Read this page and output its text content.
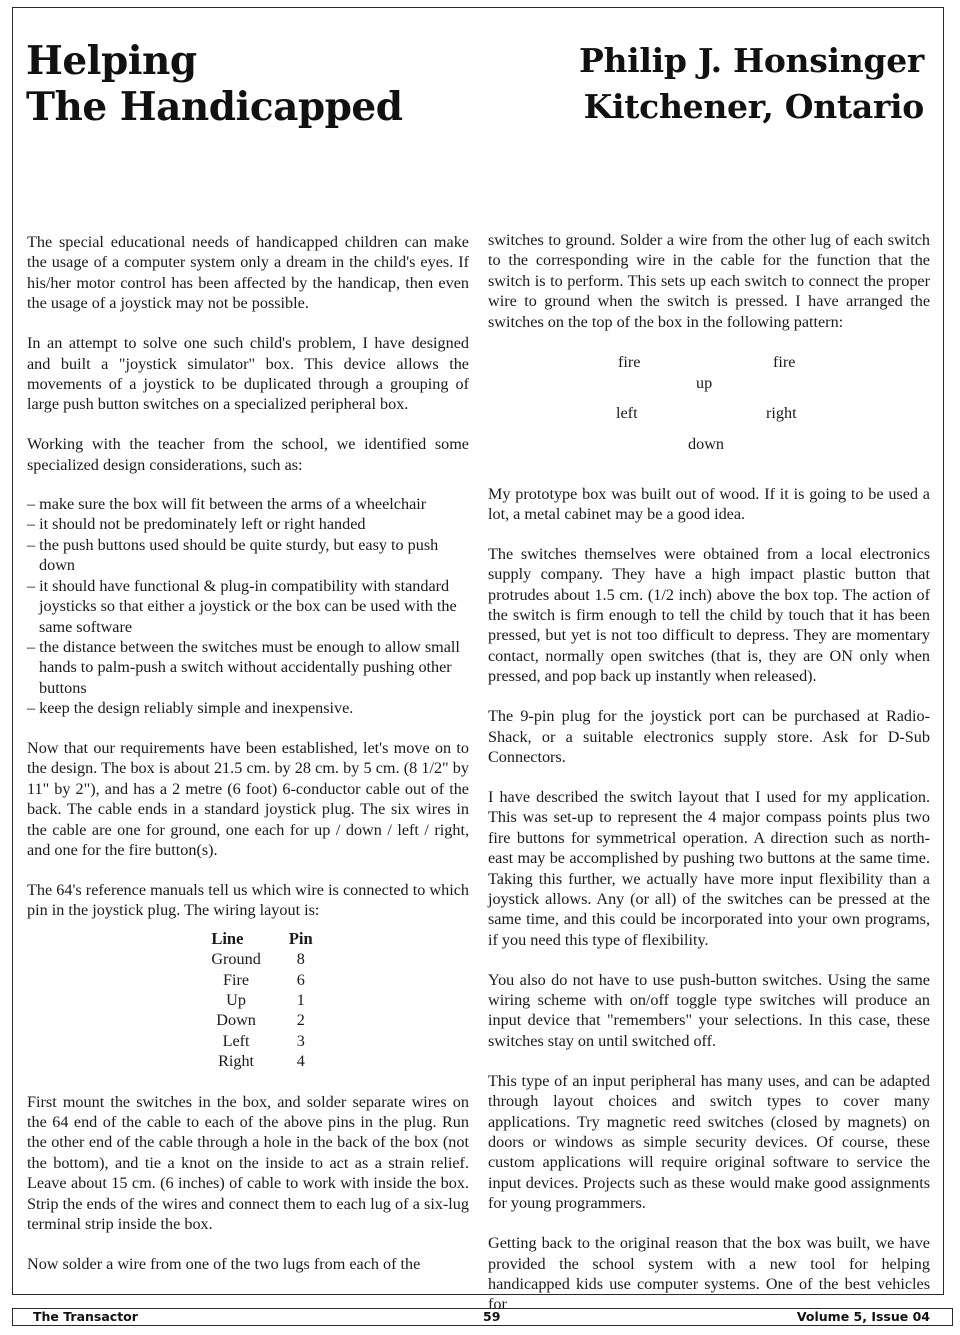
Helping
The Handicapped
Philip J. Honsinger
Kitchener, Ontario

The special educational needs of handicapped children can make the usage of a computer system only a dream in the child's eyes. If his/her motor control has been affected by the handicap, then even the usage of a joystick may not be possible.

In an attempt to solve one such child's problem, I have designed and built a "joystick simulator" box. This device allows the movements of a joystick to be duplicated through a grouping of large push button switches on a specialized peripheral box.

Working with the teacher from the school, we identified some specialized design considerations, such as:

– make sure the box will fit between the arms of a wheelchair
– it should not be predominately left or right handed
– the push buttons used should be quite sturdy, but easy to push down
– it should have functional & plug-in compatibility with standard joysticks so that either a joystick or the box can be used with the same software
– the distance between the switches must be enough to allow small hands to palm-push a switch without accidentally pushing other buttons
– keep the design reliably simple and inexpensive.

Now that our requirements have been established, let's move on to the design. The box is about 21.5 cm. by 28 cm. by 5 cm. (8 1/2" by 11" by 2"), and has a 2 metre (6 foot) 6-conductor cable out of the back. The cable ends in a standard joystick plug. The six wires in the cable are one for ground, one each for up / down / left / right, and one for the fire button(s).

The 64's reference manuals tell us which wire is connected to which pin in the joystick plug. The wiring layout is:

Line	Pin
Ground	8
Fire	6
Up	1
Down	2
Left	3
Right	4

First mount the switches in the box, and solder separate wires on the 64 end of the cable to each of the above pins in the plug. Run the other end of the cable through a hole in the back of the box (not the bottom), and tie a knot on the inside to act as a strain relief. Leave about 15 cm. (6 inches) of cable to work with inside the box. Strip the ends of the wires and connect them to each lug of a six-lug terminal strip inside the box.

Now solder a wire from one of the two lugs from each of the

switches to ground. Solder a wire from the other lug of each switch to the corresponding wire in the cable for the function that the switch is to perform. This sets up each switch to connect the proper wire to ground when the switch is pressed. I have arranged the switches on the top of the box in the following pattern:

fire	fire
up
left	right
down

My prototype box was built out of wood. If it is going to be used a lot, a metal cabinet may be a good idea.

The switches themselves were obtained from a local electronics supply company. They have a high impact plastic button that protrudes about 1.5 cm. (1/2 inch) above the box top. The action of the switch is firm enough to tell the child by touch that it has been pressed, but yet is not too difficult to depress. They are momentary contact, normally open switches (that is, they are ON only when pressed, and pop back up instantly when released).

The 9-pin plug for the joystick port can be purchased at Radio-Shack, or a suitable electronics supply store. Ask for D-Sub Connectors.

I have described the switch layout that I used for my application. This was set-up to represent the 4 major compass points plus two fire buttons for symmetrical operation. A direction such as north-east may be accomplished by pushing two buttons at the same time. Taking this further, we actually have more input flexibility than a joystick allows. Any (or all) of the switches can be pressed at the same time, and this could be incorporated into your own programs, if you need this type of flexibility.

You also do not have to use push-button switches. Using the same wiring scheme with on/off toggle type switches will produce an input device that "remembers" your selections. In this case, these switches stay on until switched off.

This type of an input peripheral has many uses, and can be adapted through layout choices and switch types to cover many applications. Try magnetic reed switches (closed by magnets) on doors or windows as simple security devices. Of course, these custom applications will require original software to service the input devices. Projects such as these would make good assignments for young programmers.

Getting back to the original reason that the box was built, we have provided the school system with a new tool for helping handicapped kids use computer systems. One of the best vehicles for

The Transactor	59	Volume 5, Issue 04
